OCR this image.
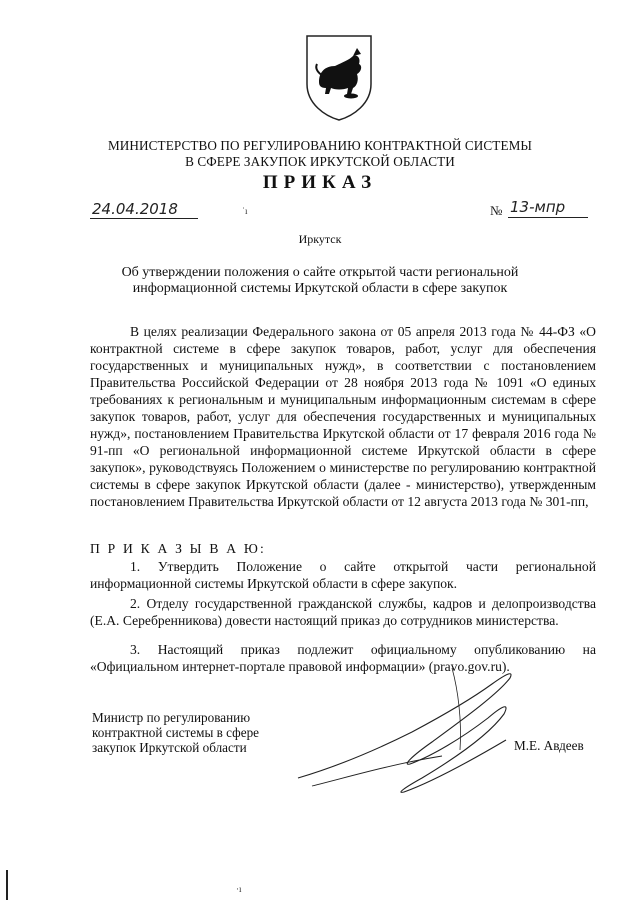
МИНИСТЕРСТВО ПО РЕГУЛИРОВАНИЮ КОНТРАКТНОЙ СИСТЕМЫ
В СФЕРЕ ЗАКУПОК ИРКУТСКОЙ ОБЛАСТИ
ПРИКАЗ
24.04.2018	˙ı	№ 13-мпр
Иркутск
Об утверждении положения о сайте открытой части региональной
информационной системы Иркутской области в сфере закупок
В целях реализации Федерального закона от 05 апреля 2013 года № 44-ФЗ «О контрактной системе в сфере закупок товаров, работ, услуг для обеспечения государственных и муниципальных нужд», в соответствии с постановлением Правительства Российской Федерации от 28 ноября 2013 года № 1091 «О единых требованиях к региональным и муниципальным информационным системам в сфере закупок товаров, работ, услуг для обеспечения государственных и муниципальных нужд», постановлением Правительства Иркутской области от 17 февраля 2016 года № 91-пп «О региональной информационной системе Иркутской области в сфере закупок», руководствуясь Положением о министерстве по регулированию контрактной системы в сфере закупок Иркутской области (далее - министерство), утвержденным постановлением Правительства Иркутской области от 12 августа 2013 года № 301-пп,
П Р И К А З Ы В А Ю:
1. Утвердить Положение о сайте открытой части региональной информационной системы Иркутской области в сфере закупок.
2. Отделу государственной гражданской службы, кадров и делопроизводства (Е.А. Серебренникова) довести настоящий приказ до сотрудников министерства.
3. Настоящий приказ подлежит официальному опубликованию на «Официальном интернет-портале правовой информации» (pravo.gov.ru).
Министр по регулированию
контрактной системы в сфере
закупок Иркутской области	М.Е. Авдеев
·ı
